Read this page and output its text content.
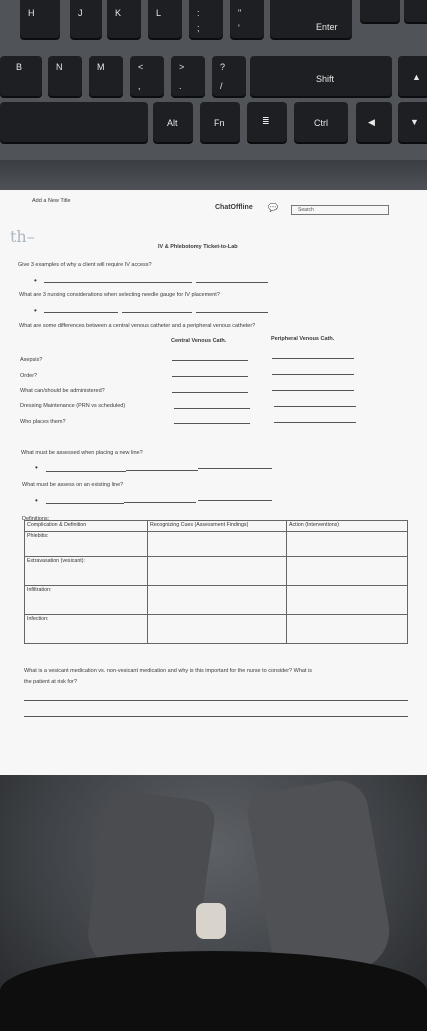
H	J	K	L	:
;
"
'	Enter
B	N	M	<
,
>
.
?
/
Shift	▲
Alt	Fn	≣	Ctrl	◀	▼
Add a New Title
ChatOffline 💬	Search
th–
IV & Phlebotomy Ticket-to-Lab
Give 3 examples of why a client will require IV access?
•
What are 3 nursing considerations when selecting needle gauge for IV placement?
•
What are some differences between a central venous catheter and a peripheral venous catheter?
Central Venous Cath.	Peripheral Venous Cath.
Asepsis?
Order?
What can/should be administered?
Dressing Maintenance (PRN vs scheduled)
Who places them?
What must be assessed when placing a new line?
•
What must be assess on an existing line?
•
Definitions:
Complication & Definition	Recognizing Cues (Assessment Findings)	Action (Interventions)
Phlebitis:		
Extravasation (vesicant):		
Infiltration:		
Infection:		
What is a vesicant medication vs. non-vesicant medication and why is this important for the nurse to consider? What is
the patient at risk for?
